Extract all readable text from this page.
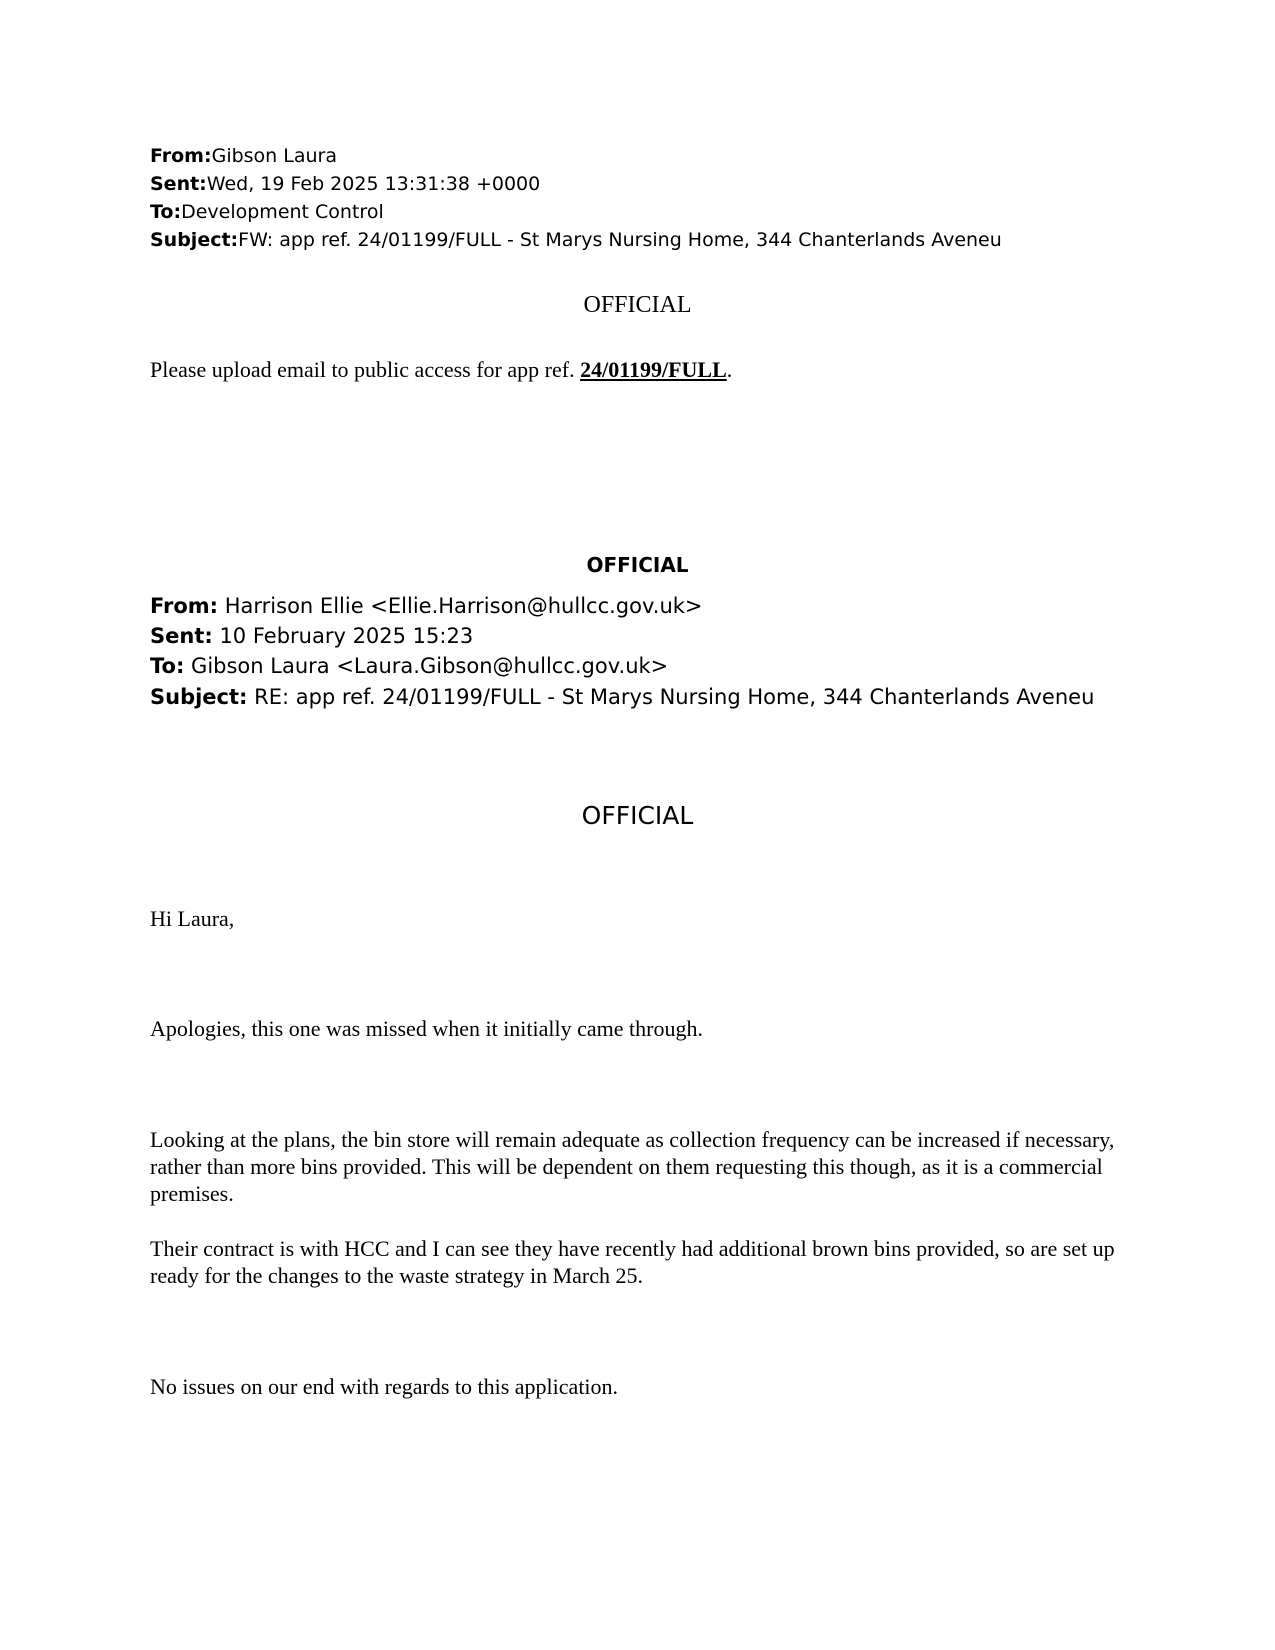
From:Gibson Laura
Sent:Wed, 19 Feb 2025 13:31:38 +0000
To:Development Control
Subject:FW: app ref. 24/01199/FULL - St Marys Nursing Home, 344 Chanterlands Aveneu
OFFICIAL
Please upload email to public access for app ref. 24/01199/FULL.
OFFICIAL
From: Harrison Ellie <Ellie.Harrison@hullcc.gov.uk>
Sent: 10 February 2025 15:23
To: Gibson Laura <Laura.Gibson@hullcc.gov.uk>
Subject: RE: app ref. 24/01199/FULL - St Marys Nursing Home, 344 Chanterlands Aveneu
OFFICIAL
Hi Laura,
Apologies, this one was missed when it initially came through.
Looking at the plans, the bin store will remain adequate as collection frequency can be increased if necessary, rather than more bins provided. This will be dependent on them requesting this though, as it is a commercial premises.
Their contract is with HCC and I can see they have recently had additional brown bins provided, so are set up ready for the changes to the waste strategy in March 25.
No issues on our end with regards to this application.
